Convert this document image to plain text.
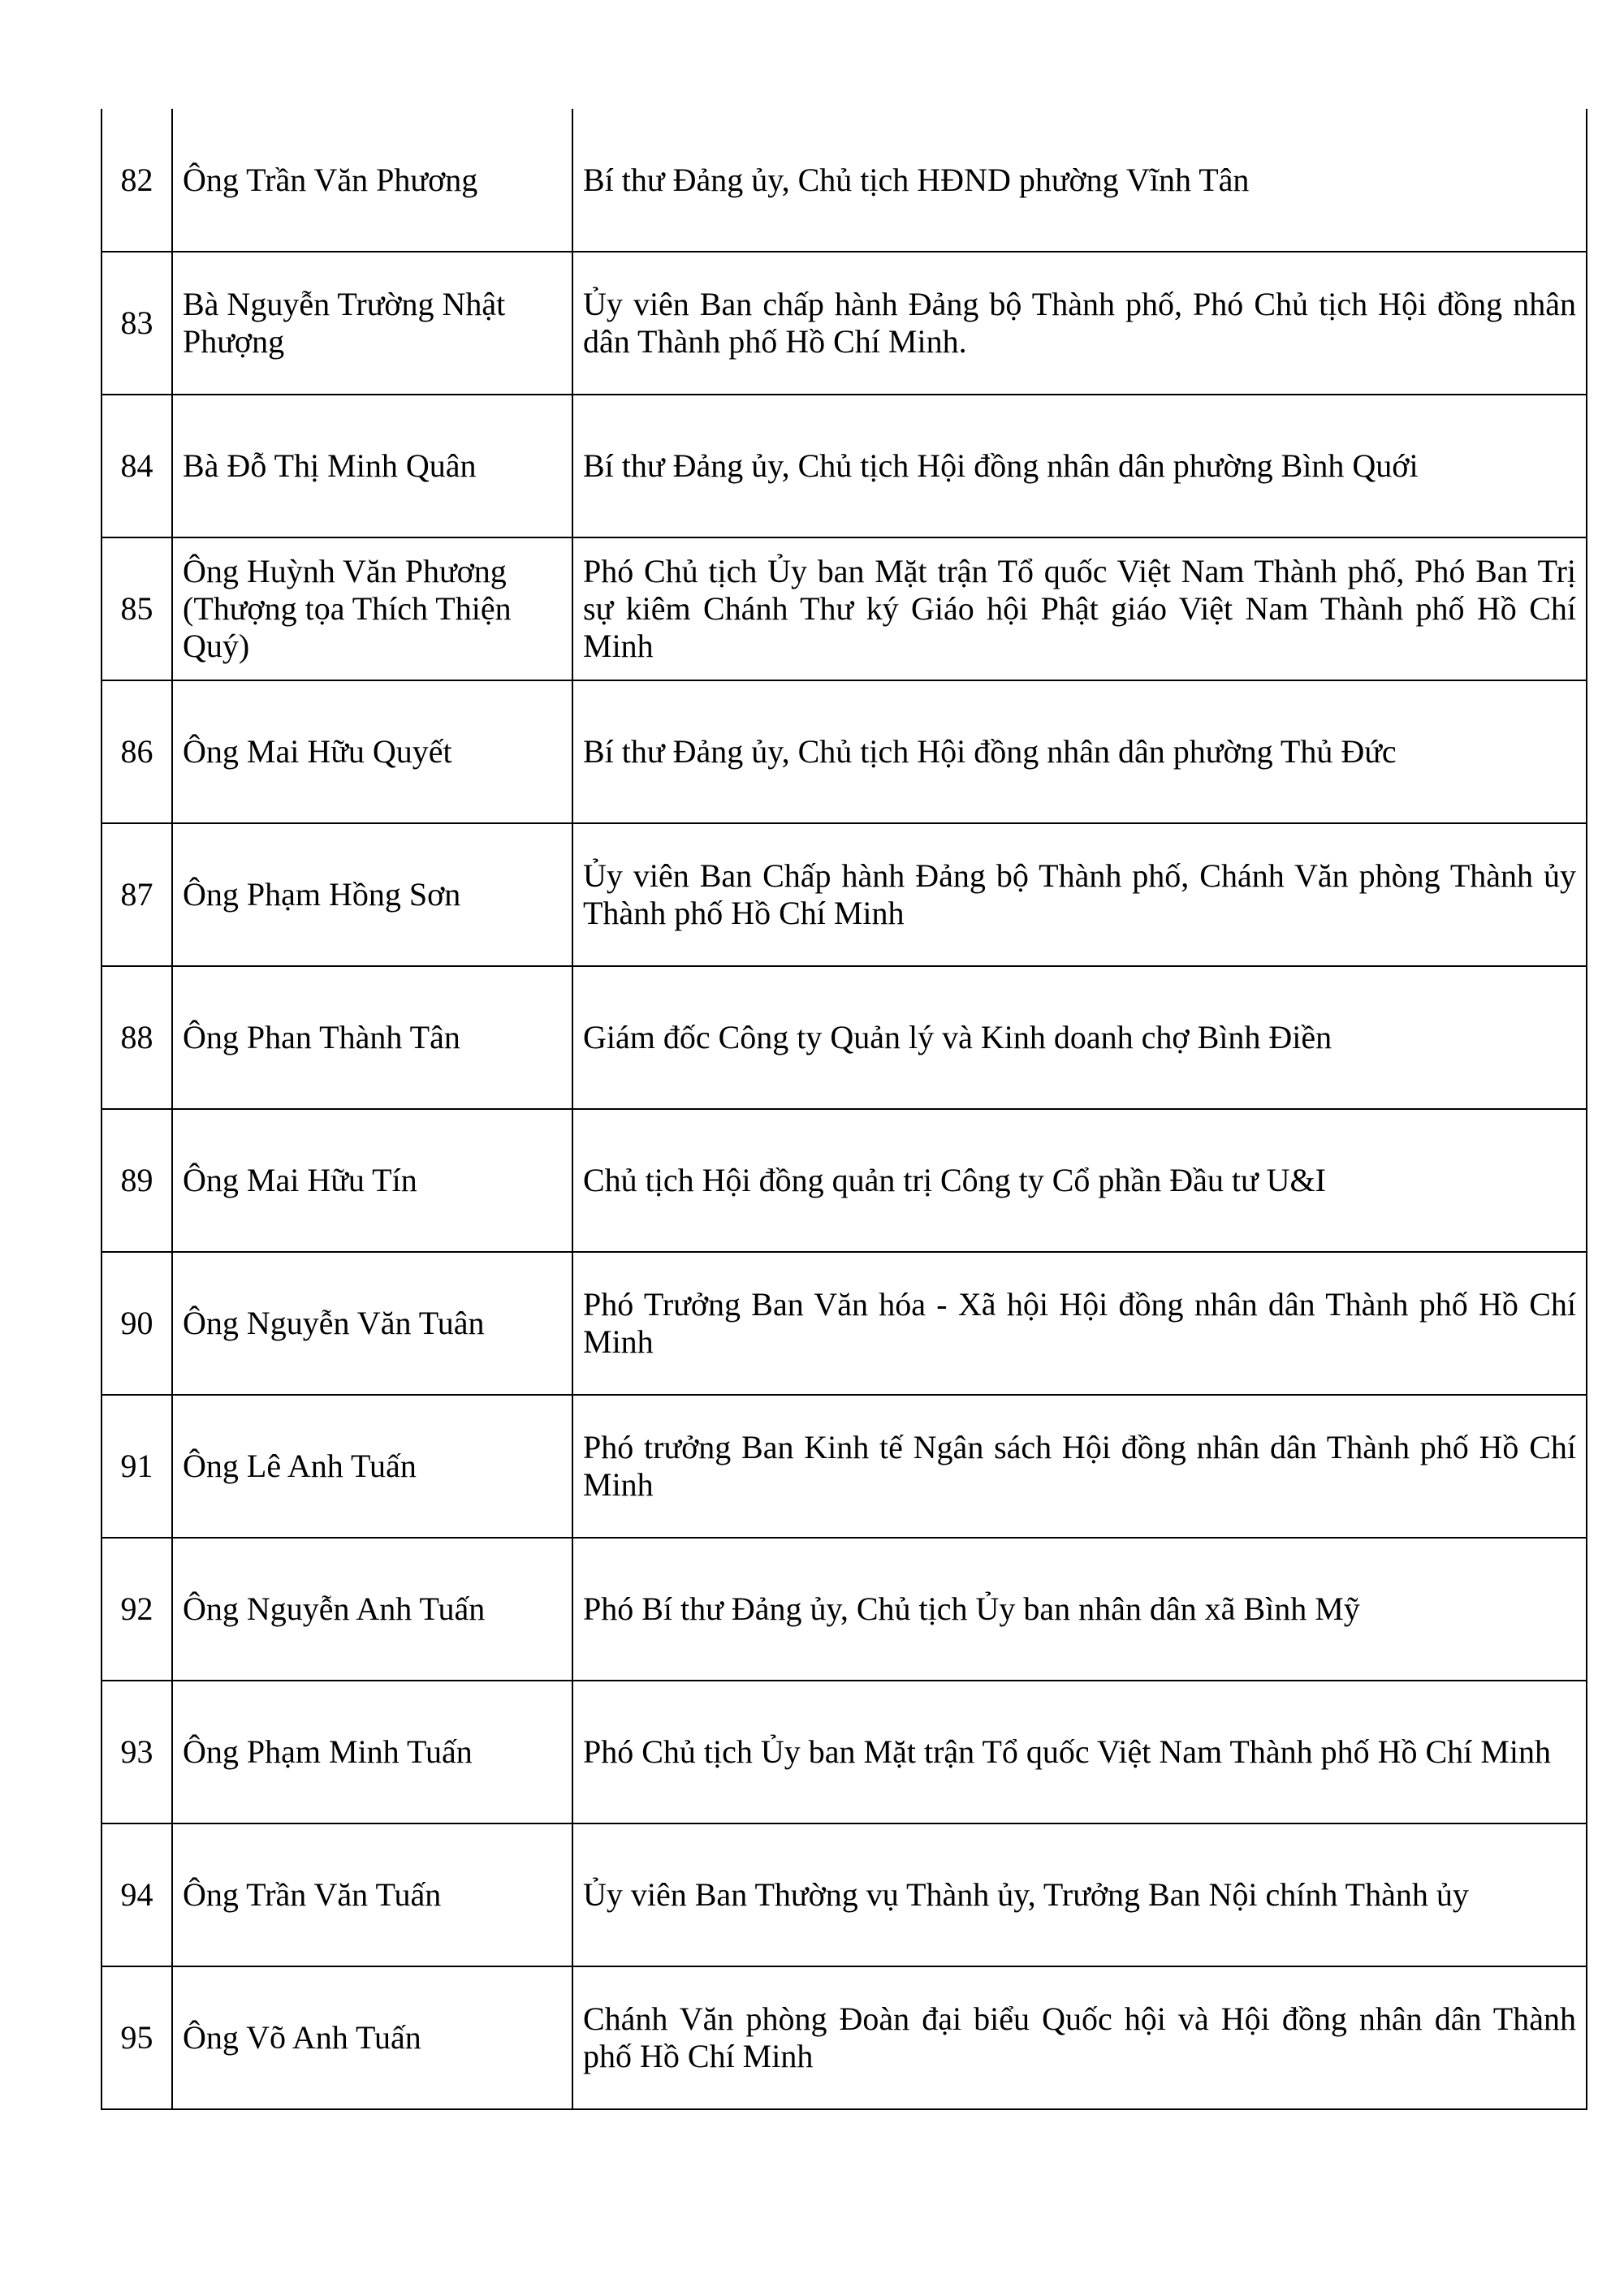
82	Ông Trần Văn Phương	Bí thư Đảng ủy, Chủ tịch HĐND phường Vĩnh Tân
83	Bà Nguyễn Trường Nhật Phượng	Ủy viên Ban chấp hành Đảng bộ Thành phố, Phó Chủ tịch Hội đồng nhân dân Thành phố Hồ Chí Minh.
84	Bà Đỗ Thị Minh Quân	Bí thư Đảng ủy, Chủ tịch Hội đồng nhân dân phường Bình Quới
85	Ông Huỳnh Văn Phương (Thượng tọa Thích Thiện Quý)	Phó Chủ tịch Ủy ban Mặt trận Tổ quốc Việt Nam Thành phố, Phó Ban Trị sự kiêm Chánh Thư ký Giáo hội Phật giáo Việt Nam Thành phố Hồ Chí Minh
86	Ông Mai Hữu Quyết	Bí thư Đảng ủy, Chủ tịch Hội đồng nhân dân phường Thủ Đức
87	Ông Phạm Hồng Sơn	Ủy viên Ban Chấp hành Đảng bộ Thành phố, Chánh Văn phòng Thành ủy Thành phố Hồ Chí Minh
88	Ông Phan Thành Tân	Giám đốc Công ty Quản lý và Kinh doanh chợ Bình Điền
89	Ông Mai Hữu Tín	Chủ tịch Hội đồng quản trị Công ty Cổ phần Đầu tư U&I
90	Ông Nguyễn Văn Tuân	Phó Trưởng Ban Văn hóa - Xã hội Hội đồng nhân dân Thành phố Hồ Chí Minh
91	Ông Lê Anh Tuấn	Phó trưởng Ban Kinh tế Ngân sách Hội đồng nhân dân Thành phố Hồ Chí Minh
92	Ông Nguyễn Anh Tuấn	Phó Bí thư Đảng ủy, Chủ tịch Ủy ban nhân dân xã Bình Mỹ
93	Ông Phạm Minh Tuấn	Phó Chủ tịch Ủy ban Mặt trận Tổ quốc Việt Nam Thành phố Hồ Chí Minh
94	Ông Trần Văn Tuấn	Ủy viên Ban Thường vụ Thành ủy, Trưởng Ban Nội chính Thành ủy
95	Ông Võ Anh Tuấn	Chánh Văn phòng Đoàn đại biểu Quốc hội và Hội đồng nhân dân Thành phố Hồ Chí Minh
